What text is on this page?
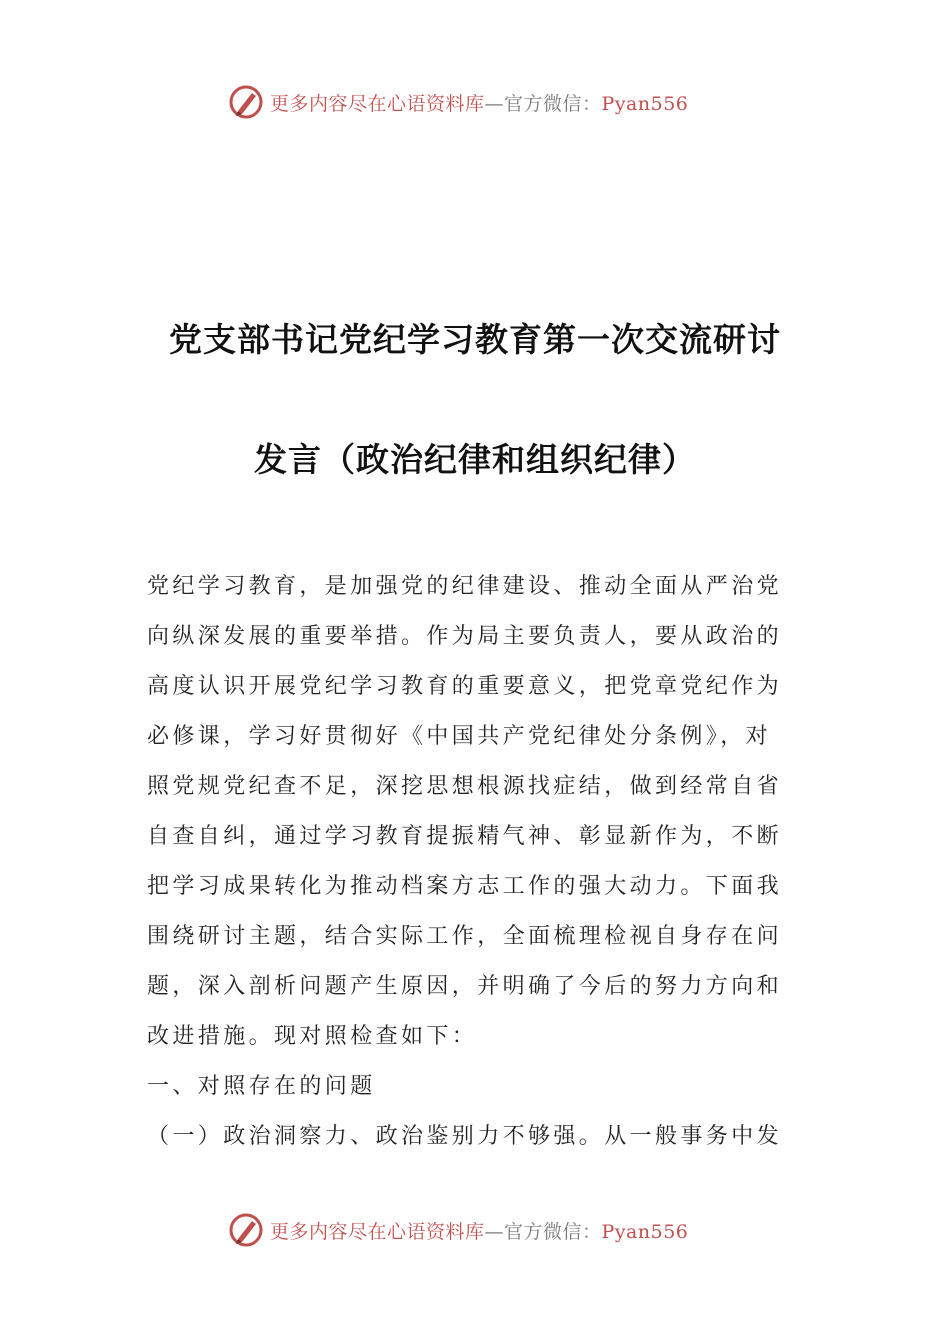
更多内容尽在心语资料库—官方微信：Pyan556
党支部书记党纪学习教育第一次交流研讨
发言（政治纪律和组织纪律）
党纪学习教育，是加强党的纪律建设、推动全面从严治党
向纵深发展的重要举措。作为局主要负责人，要从政治的
高度认识开展党纪学习教育的重要意义，把党章党纪作为
必修课，学习好贯彻好《中国共产党纪律处分条例》，对
照党规党纪查不足，深挖思想根源找症结，做到经常自省
自查自纠，通过学习教育提振精气神、彰显新作为，不断
把学习成果转化为推动档案方志工作的强大动力。下面我
围绕研讨主题，结合实际工作，全面梳理检视自身存在问
题，深入剖析问题产生原因，并明确了今后的努力方向和
改进措施。现对照检查如下：
一、对照存在的问题
（一）政治洞察力、政治鉴别力不够强。从一般事务中发
更多内容尽在心语资料库—官方微信：Pyan556
